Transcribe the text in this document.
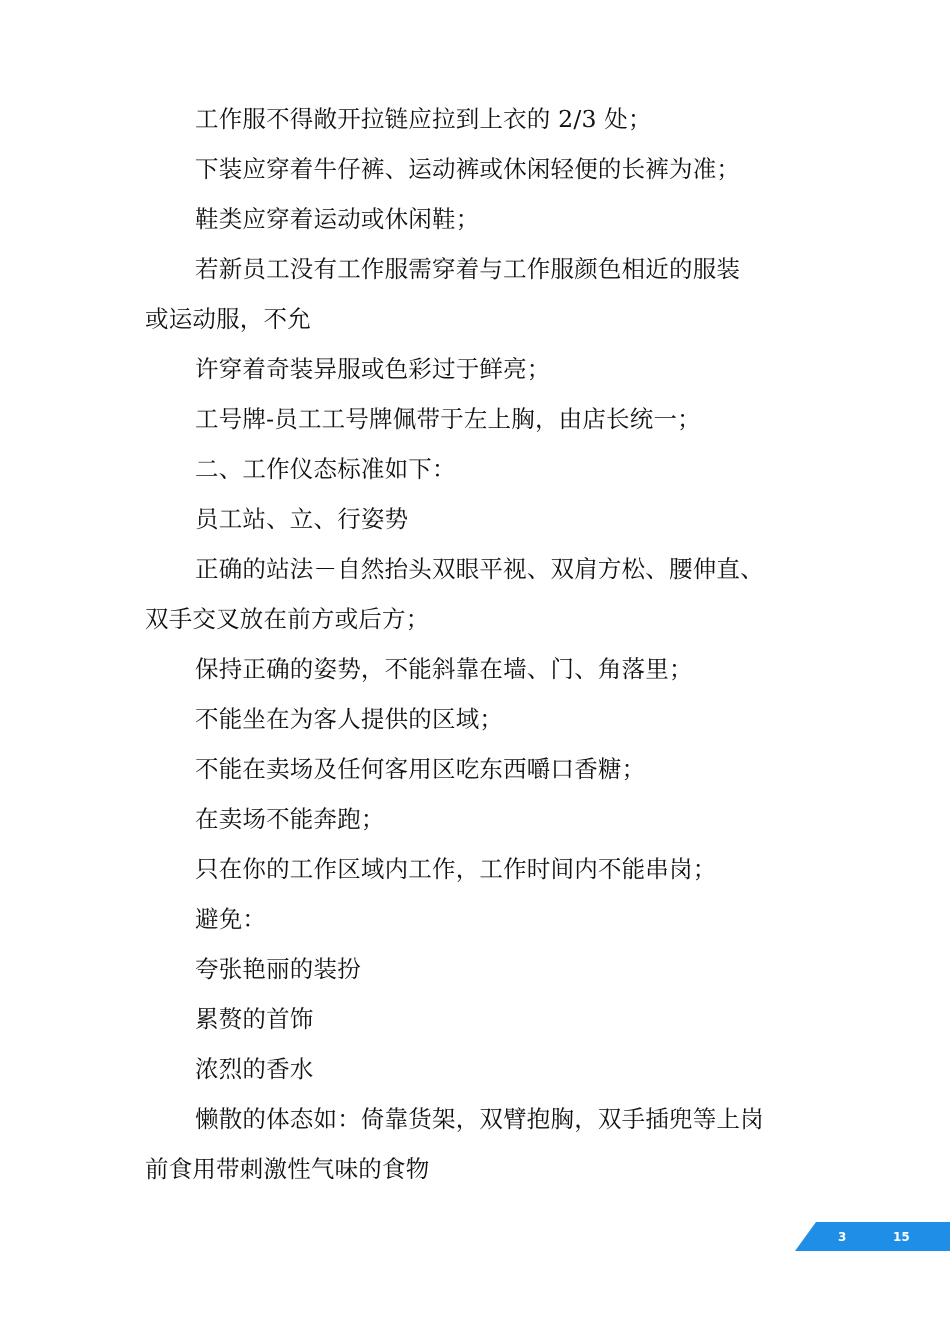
工作服不得敞开拉链应拉到上衣的 2/3 处；
下装应穿着牛仔裤、运动裤或休闲轻便的长裤为准；
鞋类应穿着运动或休闲鞋；
若新员工没有工作服需穿着与工作服颜色相近的服装
或运动服，不允
许穿着奇装异服或色彩过于鲜亮；
工号牌-员工工号牌佩带于左上胸，由店长统一；
二、工作仪态标准如下：
员工站、立、行姿势
正确的站法－自然抬头双眼平视、双肩方松、腰伸直、
双手交叉放在前方或后方；
保持正确的姿势，不能斜靠在墙、门、角落里；
不能坐在为客人提供的区域；
不能在卖场及任何客用区吃东西嚼口香糖；
在卖场不能奔跑；
只在你的工作区域内工作，工作时间内不能串岗；
避免：
夸张艳丽的装扮
累赘的首饰
浓烈的香水
懒散的体态如：倚靠货架，双臂抱胸，双手插兜等上岗
前食用带刺激性气味的食物
3	15
